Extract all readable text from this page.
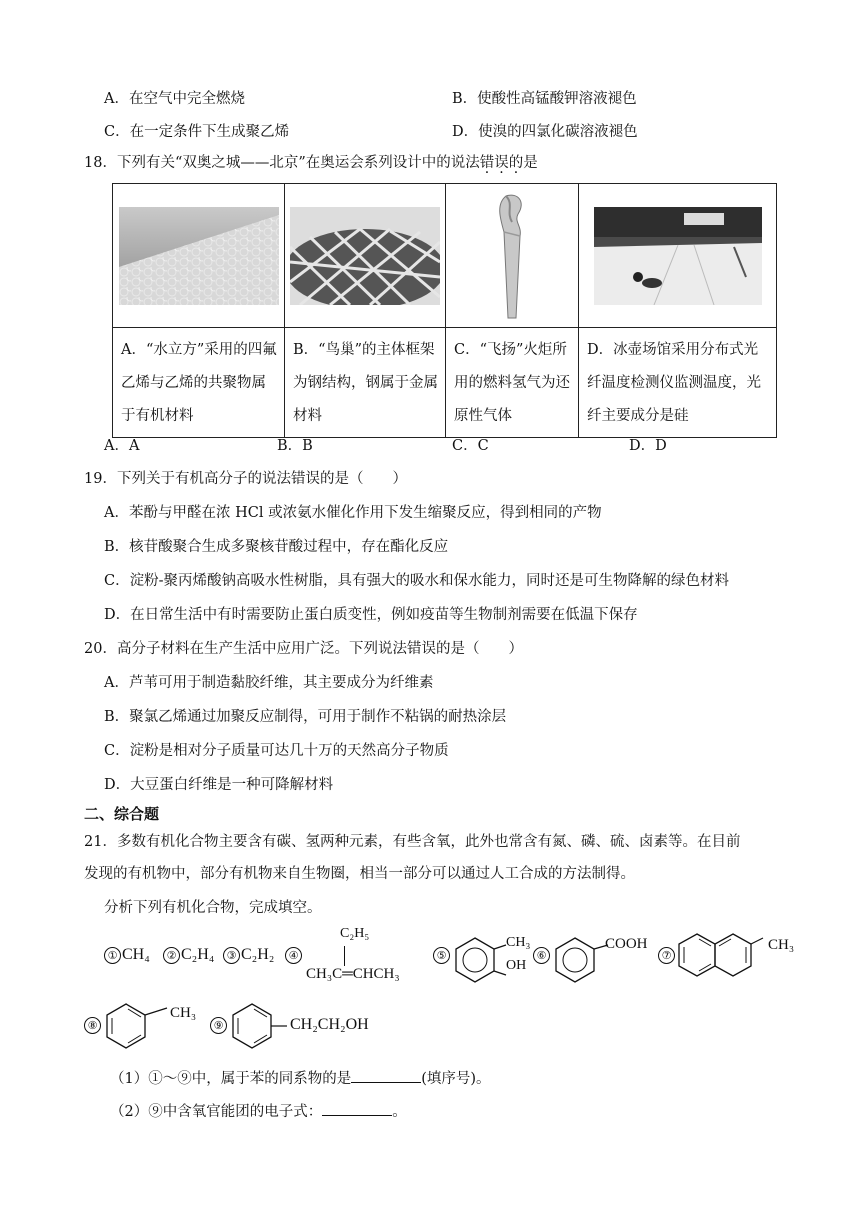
A．在空气中完全燃烧	B．使酸性高锰酸钾溶液褪色
C．在一定条件下生成聚乙烯	D．使溴的四氯化碳溶液褪色
18．下列有关“双奥之城——北京”在奥运会系列设计中的说法错误的是

A．“水立方”采用的四氟乙烯与乙烯的共聚物属于有机材料	B．“鸟巢”的主体框架为钢结构，钢属于金属材料	C．“飞扬”火炬所用的燃料氢气为还原性气体	D．冰壶场馆采用分布式光纤温度检测仪监测温度，光纤主要成分是硅
A．A	B．B	C．C	D．D
19．下列关于有机高分子的说法错误的是（　　）
A．苯酚与甲醛在浓 HCl 或浓氨水催化作用下发生缩聚反应，得到相同的产物
B．核苷酸聚合生成多聚核苷酸过程中，存在酯化反应
C．淀粉-聚丙烯酸钠高吸水性树脂，具有强大的吸水和保水能力，同时还是可生物降解的绿色材料
D．在日常生活中有时需要防止蛋白质变性，例如疫苗等生物制剂需要在低温下保存
20．高分子材料在生产生活中应用广泛。下列说法错误的是（　　）
A．芦苇可用于制造黏胶纤维，其主要成分为纤维素
B．聚氯乙烯通过加聚反应制得，可用于制作不粘锅的耐热涂层
C．淀粉是相对分子质量可达几十万的天然高分子物质
D．大豆蛋白纤维是一种可降解材料
二、综合题
21．多数有机化合物主要含有碳、氢两种元素，有些含氧，此外也常含有氮、磷、硫、卤素等。在目前
发现的有机物中，部分有机物来自生物圈，相当一部分可以通过人工合成的方法制得。
分析下列有机化合物，完成填空。
① CH₄	② C₂H₄	③ C₂H₂	④
C₂H₅
CH₃C═CHCH₃
⑤
CH₃
OH
⑥
COOH
⑦
CH₃
⑧
CH₃
⑨	CH₂CH₂OH
（1）①～⑨中，属于苯的同系物的是	(填序号)。
（2）⑨中含氧官能团的电子式：	。
